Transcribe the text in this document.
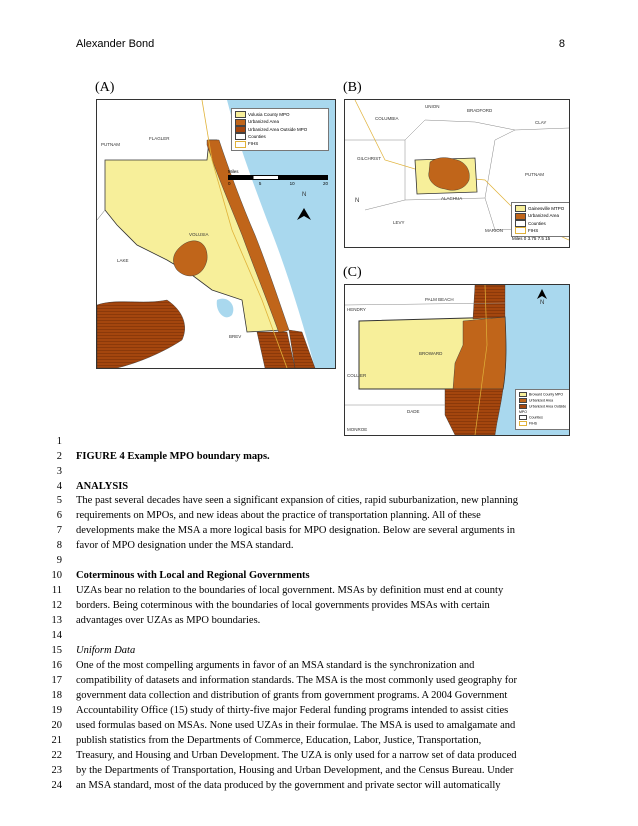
Alexander Bond	8
(A)
FLAGLER
PUTNAM
VOLUSIA
LAKE
BREV
N
Volusia County MPO
Urbanized Area
Urbanized Area Outside MPO
Counties
FIHS
Miles
0	5	10	20
(B)
UNION
BRADFORD
COLUMBIA
CLAY
GILCHRIST
PUTNAM
LEVY
MARION
ALACHUA
N
Gainesville MTPO
Urbanized Area
Counties
FIHS
Miles 0 3.75 7.5 15
(C)
PALM BEACH
HENDRY
BROWARD
COLLIER
DADE
MONROE
N
Broward County MPO
Urbanized Area
Urbanized Area Outside MPO
Counties
FIHS
1
2 FIGURE 4 Example MPO boundary maps.
3
4 ANALYSIS
5 The past several decades have seen a significant expansion of cities, rapid suburbanization, new planning
6 requirements on MPOs, and new ideas about the practice of transportation planning. All of these
7 developments make the MSA a more logical basis for MPO designation. Below are several arguments in
8 favor of MPO designation under the MSA standard.
9
10 Coterminous with Local and Regional Governments
11 UZAs bear no relation to the boundaries of local government. MSAs by definition must end at county
12 borders. Being coterminous with the boundaries of local governments provides MSAs with certain
13 advantages over UZAs as MPO boundaries.
14
15 Uniform Data
16 One of the most compelling arguments in favor of an MSA standard is the synchronization and
17 compatibility of datasets and information standards. The MSA is the most commonly used geography for
18 government data collection and distribution of grants from government programs. A 2004 Government
19 Accountability Office (15) study of thirty-five major Federal funding programs intended to assist cities
20 used formulas based on MSAs. None used UZAs in their formulae. The MSA is used to amalgamate and
21 publish statistics from the Departments of Commerce, Education, Labor, Justice, Transportation,
22 Treasury, and Housing and Urban Development. The UZA is only used for a narrow set of data produced
23 by the Departments of Transportation, Housing and Urban Development, and the Census Bureau. Under
24 an MSA standard, most of the data produced by the government and private sector will automatically
